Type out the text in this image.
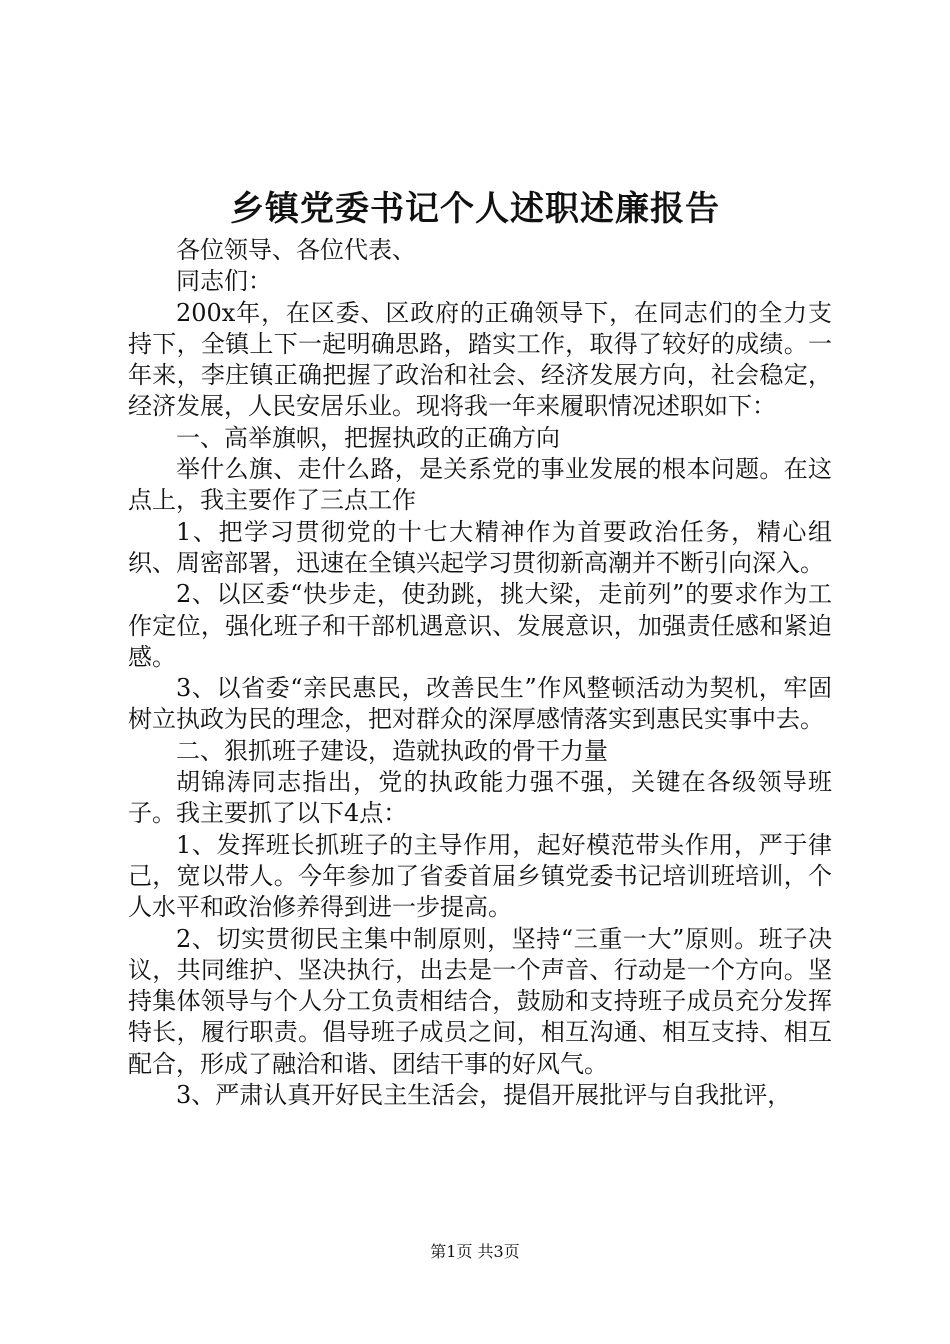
乡镇党委书记个人述职述廉报告

各位领导、各位代表、

同志们：

200x年，在区委、区政府的正确领导下，在同志们的全力支持下，全镇上下一起明确思路，踏实工作，取得了较好的成绩。一年来，李庄镇正确把握了政治和社会、经济发展方向，社会稳定，经济发展，人民安居乐业。现将我一年来履职情况述职如下：

一、高举旗帜，把握执政的正确方向

举什么旗、走什么路，是关系党的事业发展的根本问题。在这点上，我主要作了三点工作

1、把学习贯彻党的十七大精神作为首要政治任务，精心组织、周密部署，迅速在全镇兴起学习贯彻新高潮并不断引向深入。

2、以区委“快步走，使劲跳，挑大梁，走前列”的要求作为工作定位，强化班子和干部机遇意识、发展意识，加强责任感和紧迫感。

3、以省委“亲民惠民，改善民生”作风整顿活动为契机，牢固树立执政为民的理念，把对群众的深厚感情落实到惠民实事中去。

二、狠抓班子建设，造就执政的骨干力量

胡锦涛同志指出，党的执政能力强不强，关键在各级领导班子。我主要抓了以下4点：

1、发挥班长抓班子的主导作用，起好模范带头作用，严于律己，宽以带人。今年参加了省委首届乡镇党委书记培训班培训，个人水平和政治修养得到进一步提高。

2、切实贯彻民主集中制原则，坚持“三重一大”原则。班子决议，共同维护、坚决执行，出去是一个声音、行动是一个方向。坚持集体领导与个人分工负责相结合，鼓励和支持班子成员充分发挥特长，履行职责。倡导班子成员之间，相互沟通、相互支持、相互配合，形成了融洽和谐、团结干事的好风气。

3、严肃认真开好民主生活会，提倡开展批评与自我批评，

第1页 共3页
